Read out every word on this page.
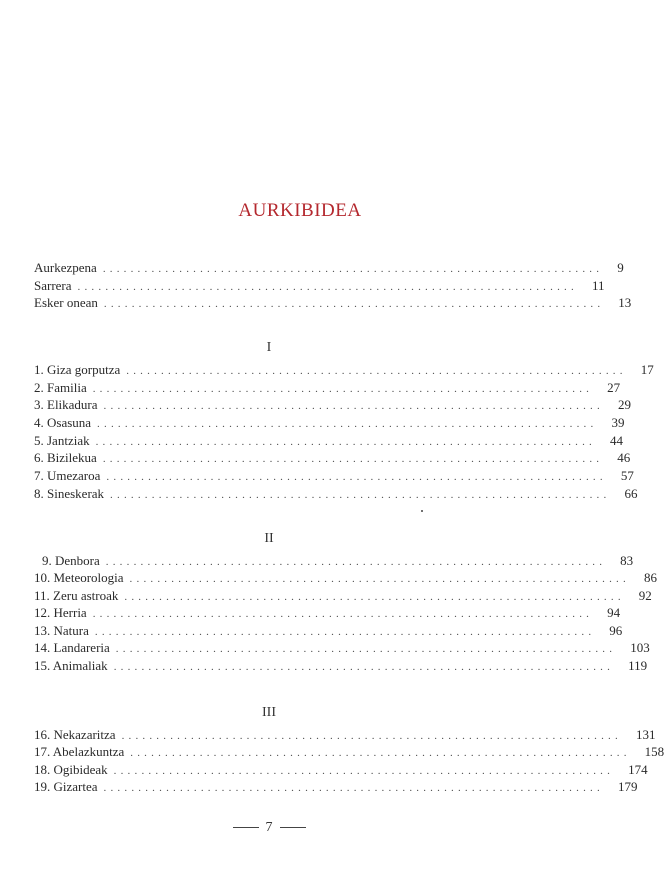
AURKIBIDEA
Aurkezpena ........................................................................ 9
Sarrera ........................................................................ 11
Esker onean ........................................................................ 13
I
1. Giza gorputza ........................................................................ 17
2. Familia ........................................................................ 27
3. Elikadura ........................................................................ 29
4. Osasuna ........................................................................ 39
5. Jantziak ........................................................................ 44
6. Bizilekua ........................................................................ 46
7. Umezaroa ........................................................................ 57
8. Sineskerak ........................................................................ 66
II
9. Denbora ........................................................................ 83
10. Meteorologia ........................................................................ 86
11. Zeru astroak ........................................................................ 92
12. Herria ........................................................................ 94
13. Natura ........................................................................ 96
14. Landareria ........................................................................ 103
15. Animaliak ........................................................................ 119
III
16. Nekazaritza ........................................................................ 131
17. Abelazkuntza ........................................................................ 158
18. Ogibideak ........................................................................ 174
19. Gizartea ........................................................................ 179
7
